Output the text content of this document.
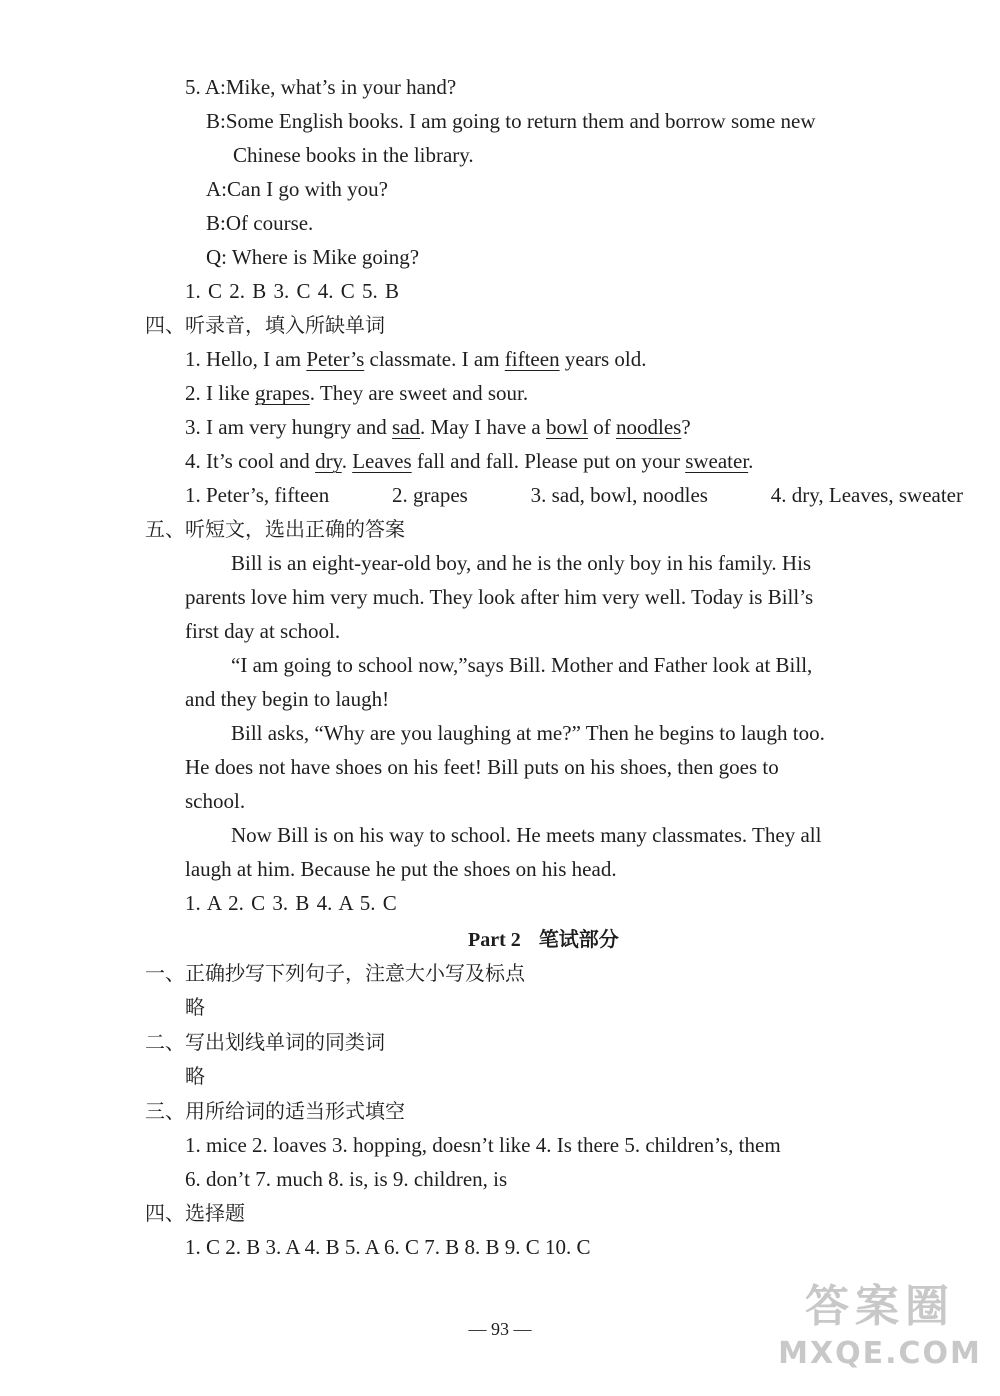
5. A:Mike, what’s in your hand?
B:Some English books. I am going to return them and borrow some new
Chinese books in the library.
A:Can I go with you?
B:Of course.
Q: Where is Mike going?
1. C 2. B 3. C 4. C 5. B
四、听录音，填入所缺单词
1. Hello, I am Peter’s classmate. I am fifteen years old.
2. I like grapes. They are sweet and sour.
3. I am very hungry and sad. May I have a bowl of noodles?
4. It’s cool and dry. Leaves fall and fall. Please put on your sweater.
1. Peter’s, fifteen	2. grapes	3. sad, bowl, noodles	4. dry, Leaves, sweater
五、听短文，选出正确的答案
Bill is an eight-year-old boy, and he is the only boy in his family. His
parents love him very much. They look after him very well. Today is Bill’s
first day at school.
“I am going to school now,”says Bill. Mother and Father look at Bill,
and they begin to laugh!
Bill asks, “Why are you laughing at me?” Then he begins to laugh too.
He does not have shoes on his feet! Bill puts on his shoes, then goes to
school.
Now Bill is on his way to school. He meets many classmates. They all
laugh at him. Because he put the shoes on his head.
1. A 2. C 3. B 4. A 5. C
Part 2 笔试部分
一、正确抄写下列句子，注意大小写及标点
略
二、写出划线单词的同类词
略
三、用所给词的适当形式填空
1. mice 2. loaves 3. hopping, doesn’t like 4. Is there 5. children’s, them
6. don’t 7. much 8. is, is 9. children, is
四、选择题
1. C 2. B 3. A 4. B 5. A 6. C 7. B 8. B 9. C 10. C
— 93 —	答案圈
MXQE.COM
